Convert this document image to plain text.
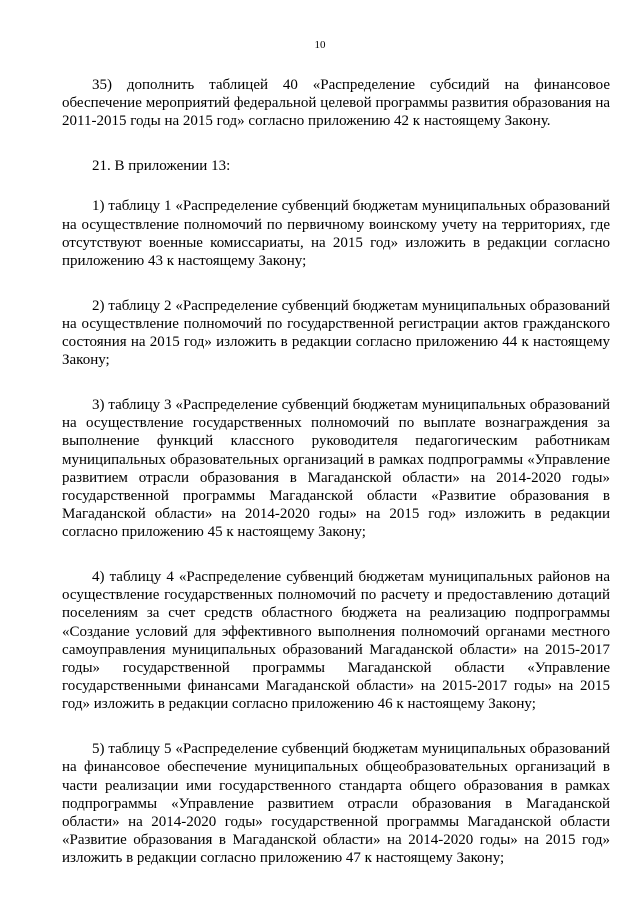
10

35) дополнить таблицей 40 «Распределение субсидий на финансовое обеспечение мероприятий федеральной целевой программы развития образования на 2011-2015 годы на 2015 год» согласно приложению 42 к настоящему Закону.

21. В приложении 13:

1) таблицу 1 «Распределение субвенций бюджетам муниципальных образований на осуществление полномочий по первичному воинскому учету на территориях, где отсутствуют военные комиссариаты, на 2015 год» изложить в редакции согласно приложению 43 к настоящему Закону;

2) таблицу 2 «Распределение субвенций бюджетам муниципальных образований на осуществление полномочий по государственной регистрации актов гражданского состояния на 2015 год» изложить в редакции согласно приложению 44 к настоящему Закону;

3) таблицу 3 «Распределение субвенций бюджетам муниципальных образований на осуществление государственных полномочий по выплате вознаграждения за выполнение функций классного руководителя педагогическим работникам муниципальных образовательных организаций в рамках подпрограммы «Управление развитием отрасли образования в Магаданской области» на 2014-2020 годы» государственной программы Магаданской области «Развитие образования в Магаданской области» на 2014-2020 годы» на 2015 год» изложить в редакции согласно приложению 45 к настоящему Закону;

4) таблицу 4 «Распределение субвенций бюджетам муниципальных районов на осуществление государственных полномочий по расчету и предоставлению дотаций поселениям за счет средств областного бюджета на реализацию подпрограммы «Создание условий для эффективного выполнения полномочий органами местного самоуправления муниципальных образований Магаданской области» на 2015-2017 годы» государственной программы Магаданской области «Управление государственными финансами Магаданской области» на 2015-2017 годы» на 2015 год» изложить в редакции согласно приложению 46 к настоящему Закону;

5) таблицу 5 «Распределение субвенций бюджетам муниципальных образований на финансовое обеспечение муниципальных общеобразовательных организаций в части реализации ими государственного стандарта общего образования в рамках подпрограммы «Управление развитием отрасли образования в Магаданской области» на 2014-2020 годы» государственной программы Магаданской области «Развитие образования в Магаданской области» на 2014-2020 годы» на 2015 год» изложить в редакции согласно приложению 47 к настоящему Закону;
